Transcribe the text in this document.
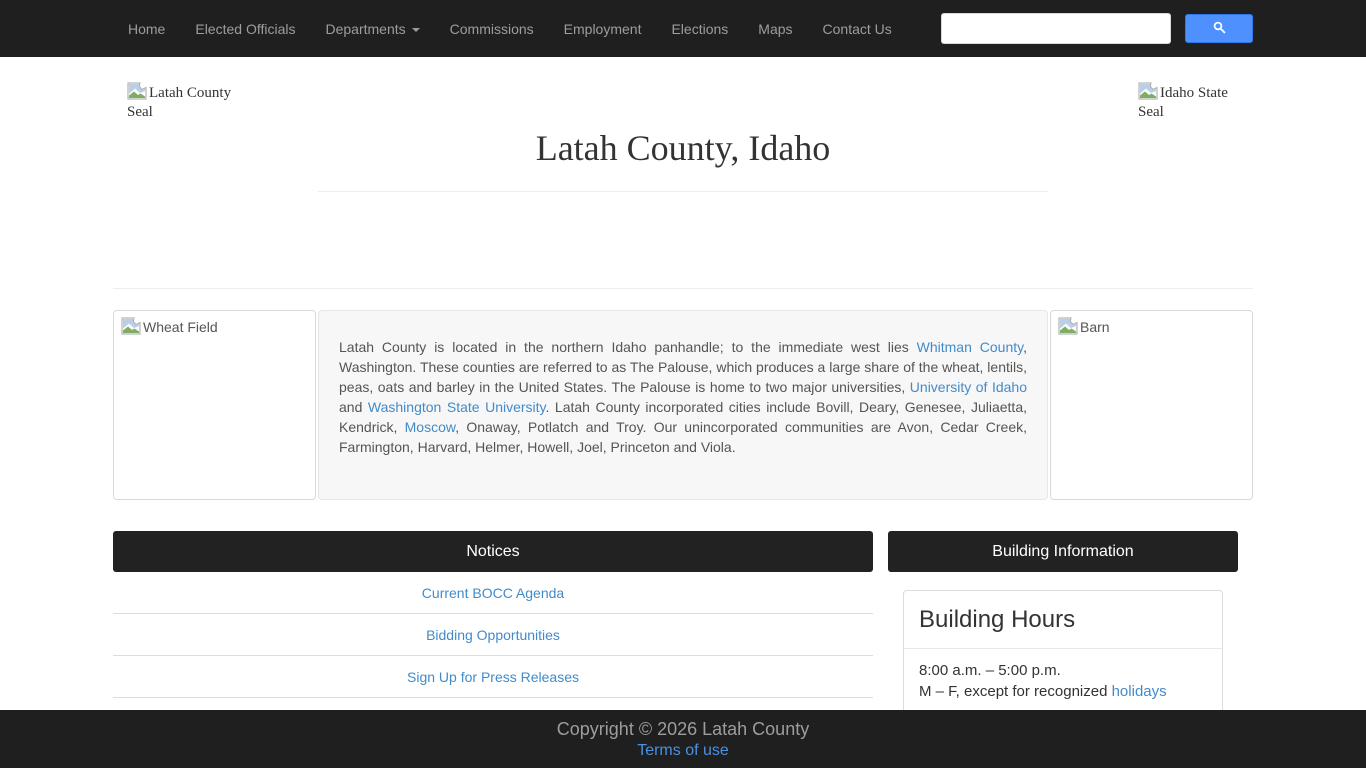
Home	Elected Officials	Departments	Commissions	Employment	Elections	Maps	Contact Us
Latah County Seal
Idaho State Seal
Latah County, Idaho
Wheat Field

Latah County is located in the northern Idaho panhandle; to the immediate west lies Whitman County, Washington. These counties are referred to as The Palouse, which produces a large share of the wheat, lentils, peas, oats and barley in the United States. The Palouse is home to two major universities, University of Idaho and Washington State University. Latah County incorporated cities include Bovill, Deary, Genesee, Juliaetta, Kendrick, Moscow, Onaway, Potlatch and Troy. Our unincorporated communities are Avon, Cedar Creek, Farmington, Harvard, Helmer, Howell, Joel, Princeton and Viola.

Barn
Notices
Current BOCC Agenda
Bidding Opportunities
Sign Up for Press Releases
Building Information
Building Hours

8:00 a.m. – 5:00 p.m.

M – F, except for recognized holidays

Copyright © 2026 Latah County
Terms of use
